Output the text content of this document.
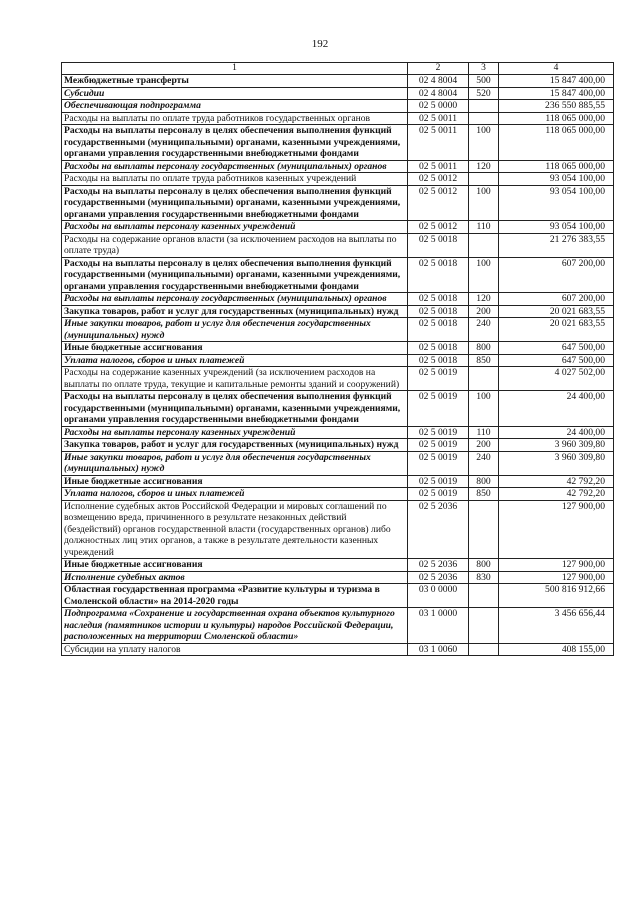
192
1	2	3	4
Межбюджетные трансферты	02 4 8004	500	15 847 400,00
Субсидии	02 4 8004	520	15 847 400,00
Обеспечивающая подпрограмма	02 5 0000		236 550 885,55
Расходы на выплаты по оплате труда работников государственных органов	02 5 0011		118 065 000,00
Расходы на выплаты персоналу в целях обеспечения выполнения функций государственными (муниципальными) органами, казенными учреждениями, органами управления государственными внебюджетными фондами	02 5 0011	100	118 065 000,00
Расходы на выплаты персоналу государственных (муниципальных) органов	02 5 0011	120	118 065 000,00
Расходы на выплаты по оплате труда работников казенных учреждений	02 5 0012		93 054 100,00
Расходы на выплаты персоналу в целях обеспечения выполнения функций государственными (муниципальными) органами, казенными учреждениями, органами управления государственными внебюджетными фондами	02 5 0012	100	93 054 100,00
Расходы на выплаты персоналу казенных учреждений	02 5 0012	110	93 054 100,00
Расходы на содержание органов власти (за исключением расходов на выплаты по оплате труда)	02 5 0018		21 276 383,55
Расходы на выплаты персоналу в целях обеспечения выполнения функций государственными (муниципальными) органами, казенными учреждениями, органами управления государственными внебюджетными фондами	02 5 0018	100	607 200,00
Расходы на выплаты персоналу государственных (муниципальных) органов	02 5 0018	120	607 200,00
Закупка товаров, работ и услуг для государственных (муниципальных) нужд	02 5 0018	200	20 021 683,55
Иные закупки товаров, работ и услуг для обеспечения государственных (муниципальных) нужд	02 5 0018	240	20 021 683,55
Иные бюджетные ассигнования	02 5 0018	800	647 500,00
Уплата налогов, сборов и иных платежей	02 5 0018	850	647 500,00
Расходы на содержание казенных учреждений (за исключением расходов на выплаты по оплате труда, текущие и капитальные ремонты зданий и сооружений)	02 5 0019		4 027 502,00
Расходы на выплаты персоналу в целях обеспечения выполнения функций государственными (муниципальными) органами, казенными учреждениями, органами управления государственными внебюджетными фондами	02 5 0019	100	24 400,00
Расходы на выплаты персоналу казенных учреждений	02 5 0019	110	24 400,00
Закупка товаров, работ и услуг для государственных (муниципальных) нужд	02 5 0019	200	3 960 309,80
Иные закупки товаров, работ и услуг для обеспечения государственных (муниципальных) нужд	02 5 0019	240	3 960 309,80
Иные бюджетные ассигнования	02 5 0019	800	42 792,20
Уплата налогов, сборов и иных платежей	02 5 0019	850	42 792,20
Исполнение судебных актов Российской Федерации и мировых соглашений по возмещению вреда, причиненного в результате незаконных действий (бездействий) органов государственной власти (государственных органов) либо должностных лиц этих органов, а также в результате деятельности казенных учреждений	02 5 2036		127 900,00
Иные бюджетные ассигнования	02 5 2036	800	127 900,00
Исполнение судебных актов	02 5 2036	830	127 900,00
Областная государственная программа «Развитие культуры и туризма в Смоленской области» на 2014-2020 годы	03 0 0000		500 816 912,66
Подпрограмма «Сохранение и государственная охрана объектов культурного наследия (памятников истории и культуры) народов Российской Федерации, расположенных на территории Смоленской области»	03 1 0000		3 456 656,44
Субсидии на уплату налогов	03 1 0060		408 155,00
